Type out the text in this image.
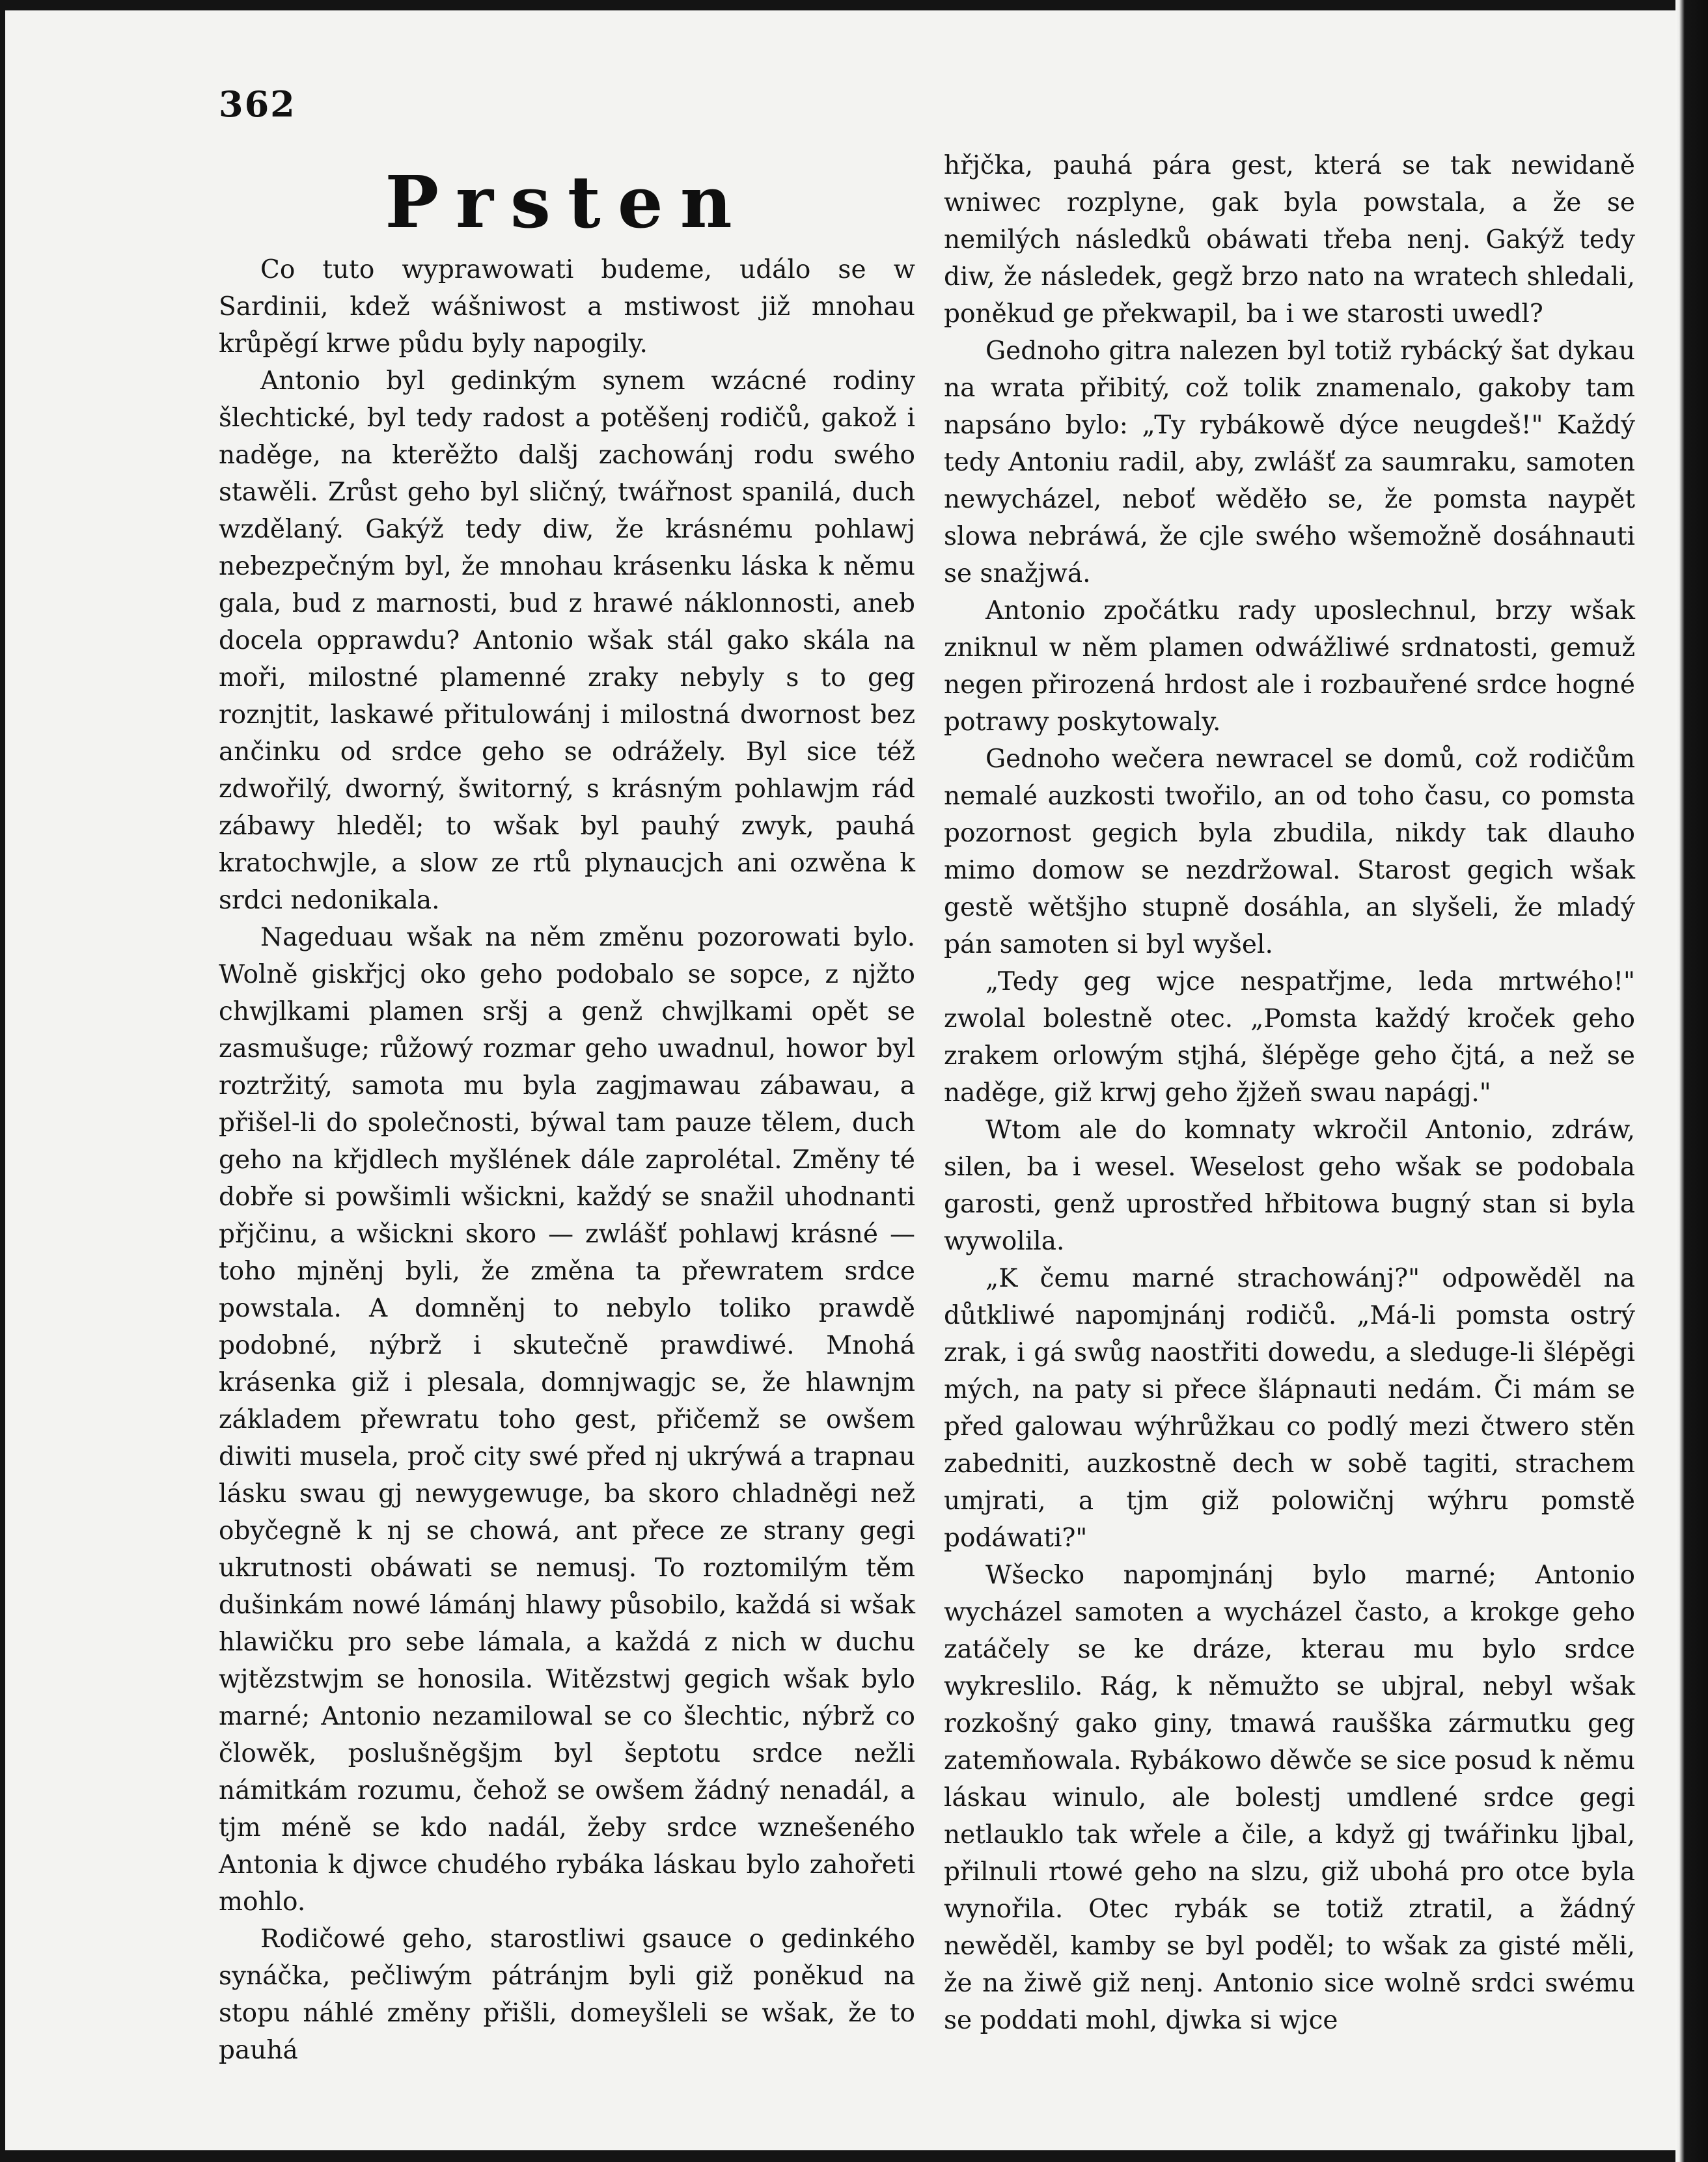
362
Prsten

Co tuto wyprawowati budeme, událo se w Sardinii, kdež wášniwost a mstiwost již mnohau krůpěgí krwe půdu byly napogily.

Antonio byl gedinkým synem wzácné rodiny šlechtické, byl tedy radost a potěšenj rodičů, gakož i naděge, na kterěžto dalšj zachowánj rodu swého stawěli. Zrůst geho byl sličný, twářnost spanilá, duch wzdělaný. Gakýž tedy diw, že krásnému pohlawj nebezpečným byl, že mnohau krásenku láska k němu gala, bud z marnosti, bud z hrawé náklonnosti, aneb docela opprawdu? Antonio wšak stál gako skála na moři, milostné plamenné zraky nebyly s to geg roznjtit, laskawé přitulowánj i milostná dwornost bez ančinku od srdce geho se odrážely. Byl sice též zdwořilý, dworný, šwitorný, s krásným pohlawjm rád zábawy hleděl; to wšak byl pauhý zwyk, pauhá kratochwjle, a slow ze rtů plynaucjch ani ozwěna k srdci nedonikala.

Nageduau wšak na něm změnu pozorowati bylo. Wolně giskřjcj oko geho podobalo se sopce, z njžto chwjlkami plamen sršj a genž chwjlkami opět se zasmušuge; růžowý rozmar geho uwadnul, howor byl roztržitý, samota mu byla zagjmawau zábawau, a přišel-li do společnosti, býwal tam pauze tělem, duch geho na křjdlech myšlének dále zaprolétal. Změny té dobře si powšimli wšickni, každý se snažil uhodnanti přjčinu, a wšickni skoro — zwlášť pohlawj krásné — toho mjněnj byli, že změna ta přewratem srdce powstala. A domněnj to nebylo toliko prawdě podobné, nýbrž i skutečně prawdiwé. Mnohá krásenka giž i plesala, domnjwagjc se, že hlawnjm základem přewratu toho gest, přičemž se owšem diwiti musela, proč city swé před nj ukrýwá a trapnau lásku swau gj newygewuge, ba skoro chladněgi než obyčegně k nj se chowá, ant přece ze strany gegi ukrutnosti obáwati se nemusj. To roztomilým těm dušinkám nowé lámánj hlawy působilo, každá si wšak hlawičku pro sebe lámala, a každá z nich w duchu wjtězstwjm se honosila. Witězstwj gegich wšak bylo marné; Antonio nezamilowal se co šlechtic, nýbrž co člowěk, poslušněgšjm byl šeptotu srdce nežli námitkám rozumu, čehož se owšem žádný nenadál, a tjm méně se kdo nadál, žeby srdce wznešeného Antonia k djwce chudého rybáka láskau bylo zahořeti mohlo.

Rodičowé geho, starostliwi gsauce o gedinkého synáčka, pečliwým pátránjm byli giž poněkud na stopu náhlé změny přišli, domeyšleli se wšak, že to pauhá

hřjčka, pauhá pára gest, která se tak newidaně wniwec rozplyne, gak byla powstala, a že se nemilých následků obáwati třeba nenj. Gakýž tedy diw, že následek, gegž brzo nato na wratech shledali, poněkud ge překwapil, ba i we starosti uwedl?

Gednoho gitra nalezen byl totiž rybácký šat dykau na wrata přibitý, což tolik znamenalo, gakoby tam napsáno bylo: „Ty rybákowě dýce neugdeš!" Každý tedy Antoniu radil, aby, zwlášť za saumraku, samoten newycházel, neboť wěděło se, že pomsta naypět slowa nebráwá, že cjle swého wšemožně dosáhnauti se snažjwá.

Antonio zpočátku rady uposlechnul, brzy wšak zniknul w něm plamen odwážliwé srdnatosti, gemuž negen přirozená hrdost ale i rozbauřené srdce hogné potrawy poskytowaly.

Gednoho wečera newracel se domů, což rodičům nemalé auzkosti twořilo, an od toho času, co pomsta pozornost gegich byla zbudila, nikdy tak dlauho mimo domow se nezdržowal. Starost gegich wšak gestě wětšjho stupně dosáhla, an slyšeli, že mladý pán samoten si byl wyšel.

„Tedy geg wjce nespatřjme, leda mrtwého!" zwolal bolestně otec. „Pomsta každý kroček geho zrakem orlowým stjhá, šlépěge geho čjtá, a než se naděge, giž krwj geho žjžeň swau napágj."

Wtom ale do komnaty wkročil Antonio, zdráw, silen, ba i wesel. Weselost geho wšak se podobala garosti, genž uprostřed hřbitowa bugný stan si byla wywolila.

„K čemu marné strachowánj?" odpowěděl na důtkliwé napomjnánj rodičů. „Má-li pomsta ostrý zrak, i gá swůg naostřiti dowedu, a sleduge-li šlépěgi mých, na paty si přece šlápnauti nedám. Či mám se před galowau wýhrůžkau co podlý mezi čtwero stěn zabedniti, auzkostně dech w sobě tagiti, strachem umjrati, a tjm giž polowičnj wýhru pomstě podáwati?"

Wšecko napomjnánj bylo marné; Antonio wycházel samoten a wycházel často, a krokge geho zatáčely se ke dráze, kterau mu bylo srdce wykreslilo. Rág, k němužto se ubjral, nebyl wšak rozkošný gako giny, tmawá raušška zármutku geg zatemňowala. Rybákowo děwče se sice posud k němu láskau winulo, ale bolestj umdlené srdce gegi netlauklo tak wřele a čile, a když gj twářinku ljbal, přilnuli rtowé geho na slzu, giž ubohá pro otce byla wynořila. Otec rybák se totiž ztratil, a žádný newěděl, kamby se byl poděl; to wšak za gisté měli, že na žiwě giž nenj. Antonio sice wolně srdci swému se poddati mohl, djwka si wjce
